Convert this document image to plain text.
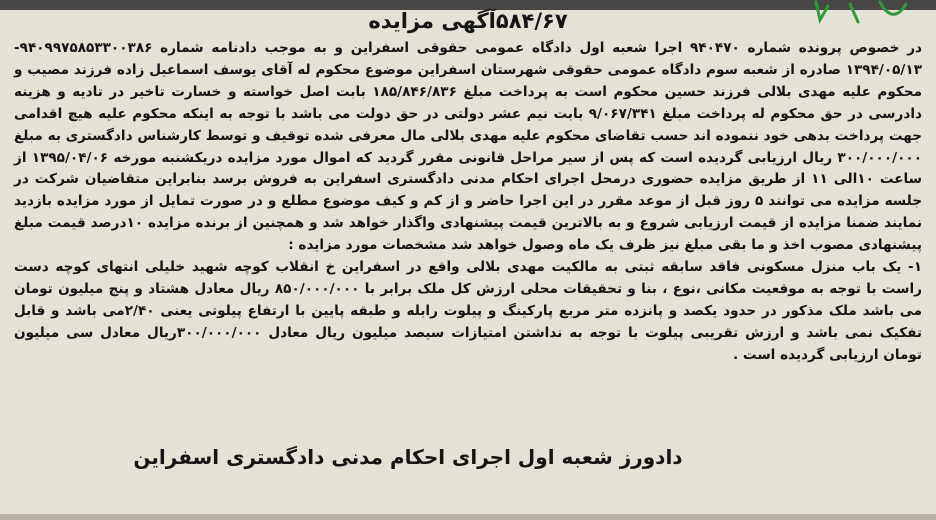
۵۸۴/۶۷آگهی مزایده

در خصوص پرونده شماره ۹۴۰۴۷۰ اجرا شعبه اول دادگاه عمومی حقوقی اسفراین و به موجب دادنامه شماره ۹۴۰۹۹۷۵۸۵۳۳۰۰۳۸۶- ۱۳۹۴/۰۵/۱۳ صادره از شعبه سوم دادگاه عمومی حقوقی شهرستان اسفراین موضوع محکوم له آقای یوسف اسماعیل زاده فرزند مصیب و محکوم علیه مهدی بلالی فرزند حسین محکوم است به پرداخت مبلغ ۱۸۵/۸۴۶/۸۳۶ بابت اصل خواسته و خسارت تاخیر در تادیه و هزینه دادرسی در حق محکوم له پرداخت مبلغ ۹/۰۶۷/۳۴۱ بابت نیم عشر دولتی در حق دولت می باشد با توجه به اینکه محکوم علیه هیچ اقدامی جهت پرداخت بدهی خود ننموده اند حسب تقاضای محکوم علیه مهدی بلالی مال معرفی شده توقیف و توسط کارشناس دادگستری به مبلغ ۳۰۰/۰۰۰/۰۰۰ ریال ارزیابی گردیده است که پس از سیر مراحل قانونی مقرر گردید که اموال مورد مزایده دریکشنبه مورخه ۱۳۹۵/۰۴/۰۶ از ساعت ۱۰الی ۱۱ از طریق مزایده حضوری درمحل اجرای احکام مدنی دادگستری اسفراین به فروش برسد بنابراین متقاضیان شرکت در جلسه مزایده می توانند ۵ روز قبل از موعد مقرر در این اجرا حاضر و از کم و کیف موضوع مطلع و در صورت تمایل از مورد مزایده بازدید نمایند ضمنا مزایده از قیمت ارزیابی شروع و به بالاترین قیمت پیشنهادی واگذار خواهد شد و همچنین از برنده مزایده ۱۰درصد قیمت مبلغ پیشنهادی مصوب اخذ و ما بقی مبلغ نیز ظرف یک ماه وصول خواهد شد مشخصات مورد مزایده :

۱- یک باب منزل مسکونی فاقد سابقه ثبتی به مالکیت مهدی بلالی واقع در اسفراین خ انقلاب کوچه شهید خلیلی انتهای کوچه دست راست با توجه به موقعیت مکانی ،نوع ، بنا و تحقیقات محلی ارزش کل ملک برابر با ۸۵۰/۰۰۰/۰۰۰ ریال معادل هشتاد و پنج میلیون تومان می باشد ملک مذکور در حدود یکصد و پانزده متر مربع پارکینگ و پیلوت رابله و طبقه پایین با ارتفاع پیلوتی یعنی ۲/۴۰می باشد و قابل تفکیک نمی باشد و ارزش تقریبی پیلوت با توجه به نداشتن امتیازات سیصد میلیون ریال معادل ۳۰۰/۰۰۰/۰۰۰ریال معادل سی میلیون تومان ارزیابی گردیده است .

دادورز شعبه اول اجرای احکام مدنی دادگستری اسفراین
